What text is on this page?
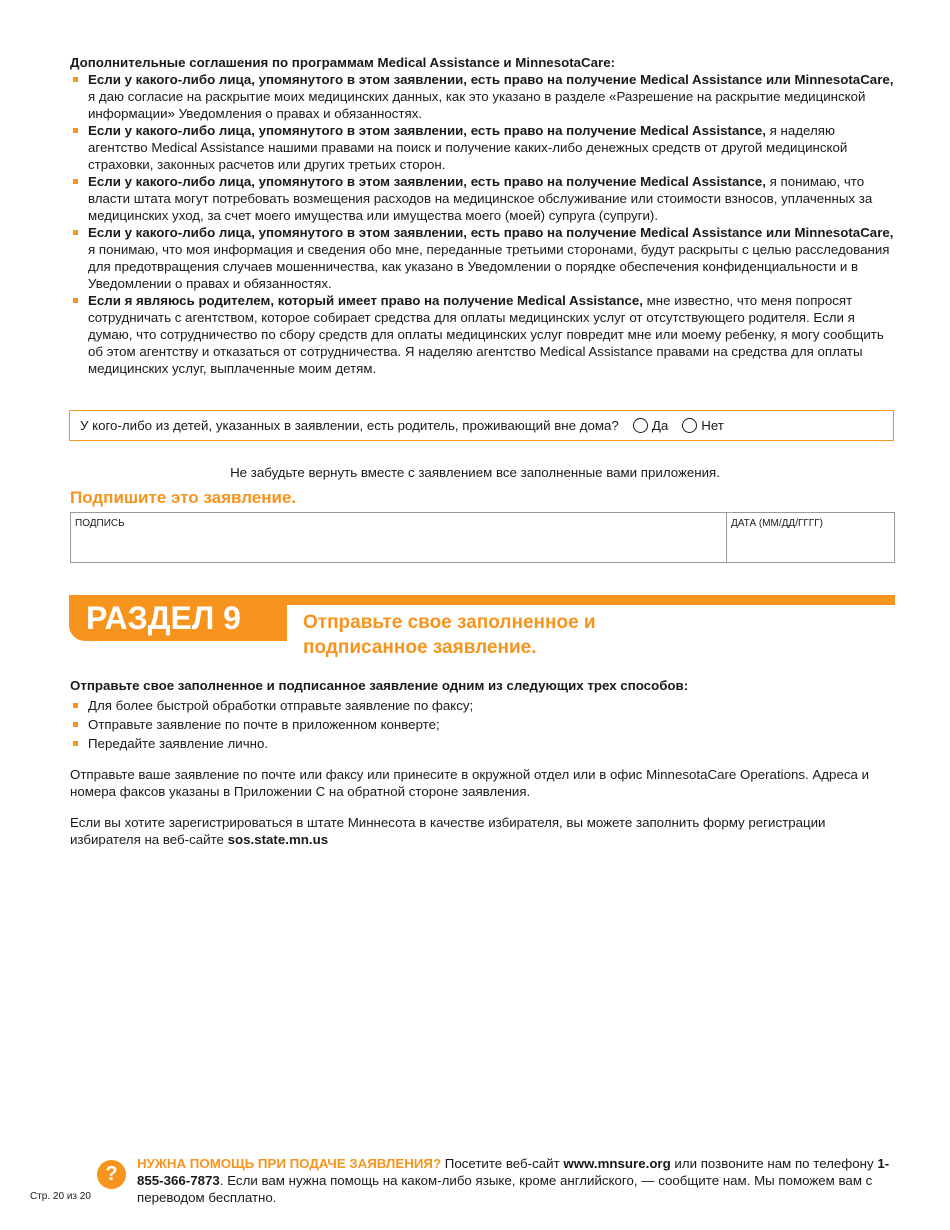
Дополнительные соглашения по программам Medical Assistance и MinnesotaCare:
Если у какого-либо лица, упомянутого в этом заявлении, есть право на получение Medical Assistance или MinnesotaCare, я даю согласие на раскрытие моих медицинских данных, как это указано в разделе «Разрешение на раскрытие медицинской информации» Уведомления о правах и обязанностях.
Если у какого-либо лица, упомянутого в этом заявлении, есть право на получение Medical Assistance, я наделяю агентство Medical Assistance нашими правами на поиск и получение каких-либо денежных средств от другой медицинской страховки, законных расчетов или других третьих сторон.
Если у какого-либо лица, упомянутого в этом заявлении, есть право на получение Medical Assistance, я понимаю, что власти штата могут потребовать возмещения расходов на медицинское обслуживание или стоимости взносов, уплаченных за медицинских уход, за счет моего имущества или имущества моего (моей) супруга (супруги).
Если у какого-либо лица, упомянутого в этом заявлении, есть право на получение Medical Assistance или MinnesotaCare, я понимаю, что моя информация и сведения обо мне, переданные третьими сторонами, будут раскрыты с целью расследования для предотвращения случаев мошенничества, как указано в Уведомлении о порядке обеспечения конфиденциальности и в Уведомлении о правах и обязанностях.
Если я являюсь родителем, который имеет право на получение Medical Assistance, мне известно, что меня попросят сотрудничать с агентством, которое собирает средства для оплаты медицинских услуг от отсутствующего родителя. Если я думаю, что сотрудничество по сбору средств для оплаты медицинских услуг повредит мне или моему ребенку, я могу сообщить об этом агентству и отказаться от сотрудничества. Я наделяю агентство Medical Assistance правами на средства для оплаты медицинских услуг, выплаченные моим детям.
У кого-либо из детей, указанных в заявлении, есть родитель, проживающий вне дома? Да Нет
Не забудьте вернуть вместе с заявлением все заполненные вами приложения.
Подпишите это заявление.
ПОДПИСЬ	ДАТА (ММ/ДД/ГГГГ)
РАЗДЕЛ 9	Отправьте свое заполненное и подписанное заявление.
Отправьте свое заполненное и подписанное заявление одним из следующих трех способов:
Для более быстрой обработки отправьте заявление по факсу;
Отправьте заявление по почте в приложенном конверте;
Передайте заявление лично.

Отправьте ваше заявление по почте или факсу или принесите в окружной отдел или в офис MinnesotaCare Operations. Адреса и номера факсов указаны в Приложении C на обратной стороне заявления.

Если вы хотите зарегистрироваться в штате Миннесота в качестве избирателя, вы можете заполнить форму регистрации избирателя на веб-сайте sos.state.mn.us

?	НУЖНА ПОМОЩЬ ПРИ ПОДАЧЕ ЗАЯВЛЕНИЯ? Посетите веб-сайт www.mnsure.org или позвоните нам по телефону 1-855-366-7873. Если вам нужна помощь на каком-либо языке, кроме английского, — сообщите нам. Мы поможем вам с переводом бесплатно.
Стр. 20 из 20
